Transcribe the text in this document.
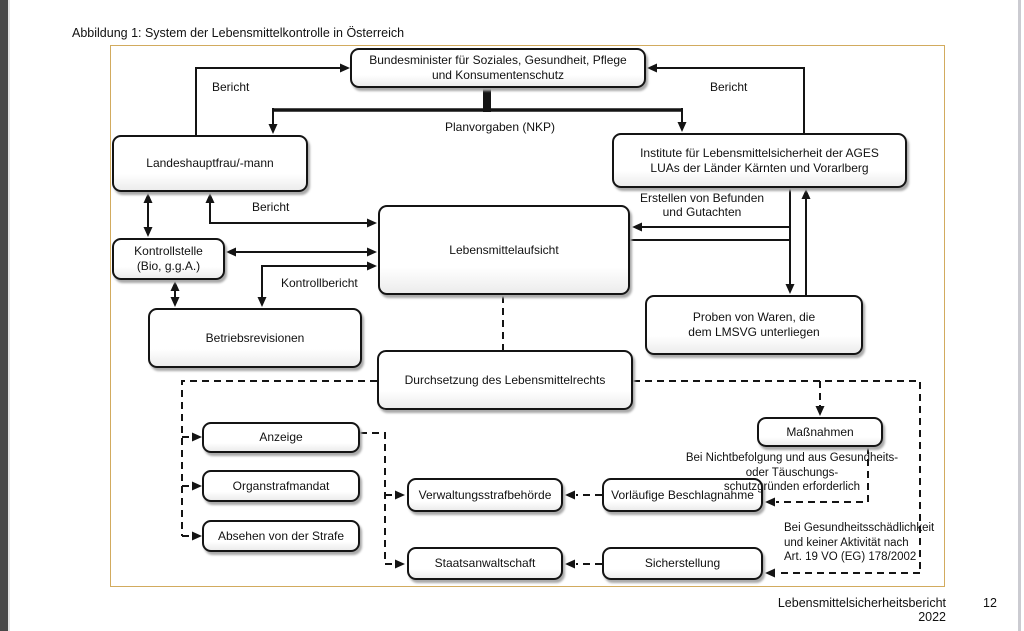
Abbildung 1: System der Lebensmittelkontrolle in Österreich
Bundesminister für Soziales, Gesundheit, Pflege
und Konsumentenschutz
Landeshauptfrau/-mann
Institute für Lebensmittelsicherheit der AGES
LUAs der Länder Kärnten und Vorarlberg
Kontrollstelle
(Bio, g.g.A.)
Lebensmittelaufsicht
Betriebsrevisionen
Proben von Waren, die
dem LMSVG unterliegen
Durchsetzung des Lebensmittelrechts
Anzeige
Organstrafmandat
Absehen von der Strafe
Verwaltungsstrafbehörde
Staatsanwaltschaft
Vorläufige Beschlagnahme
Sicherstellung
Maßnahmen
Bericht	Bericht
Planvorgaben (NKP)
Bericht
Erstellen von Befunden
und Gutachten
Kontrollbericht
Bei Nichtbefolgung und aus Gesundheits-
oder Täuschungs-
schutzgründen erforderlich
Bei Gesundheitsschädlichkeit
und keiner Aktivität nach
Art. 19 VO (EG) 178/2002
Lebensmittelsicherheitsbericht 2022
12
